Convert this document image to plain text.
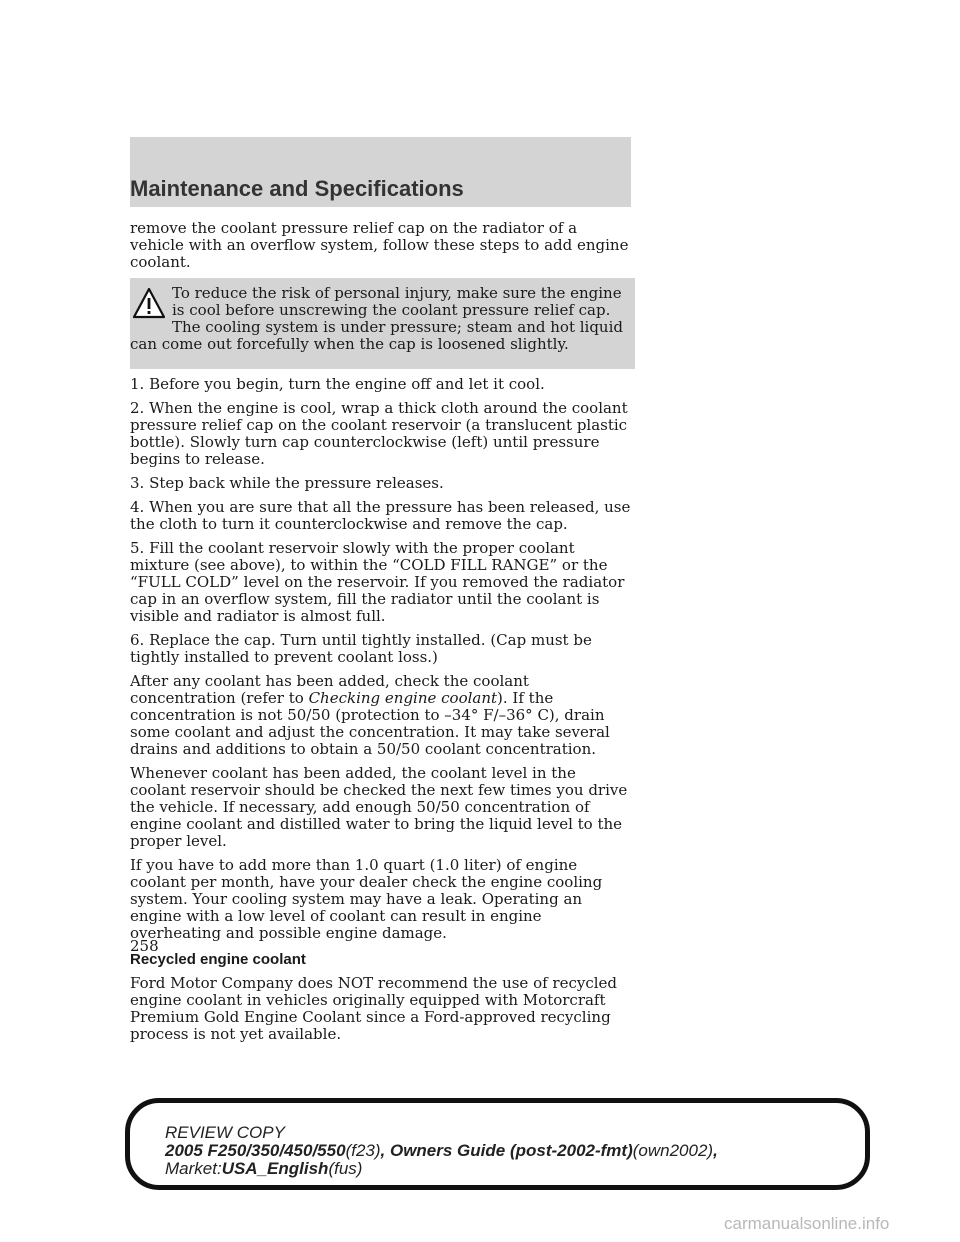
Maintenance and Specifications

remove the coolant pressure relief cap on the radiator of a vehicle with an overflow system, follow these steps to add engine coolant.

To reduce the risk of personal injury, make sure the engine is cool before unscrewing the coolant pressure relief cap. The cooling system is under pressure; steam and hot liquid can come out forcefully when the cap is loosened slightly.

1. Before you begin, turn the engine off and let it cool.

2. When the engine is cool, wrap a thick cloth around the coolant pressure relief cap on the coolant reservoir (a translucent plastic bottle). Slowly turn cap counterclockwise (left) until pressure begins to release.

3. Step back while the pressure releases.

4. When you are sure that all the pressure has been released, use the cloth to turn it counterclockwise and remove the cap.

5. Fill the coolant reservoir slowly with the proper coolant mixture (see above), to within the “COLD FILL RANGE” or the “FULL COLD” level on the reservoir. If you removed the radiator cap in an overflow system, fill the radiator until the coolant is visible and radiator is almost full.

6. Replace the cap. Turn until tightly installed. (Cap must be tightly installed to prevent coolant loss.)

After any coolant has been added, check the coolant concentration (refer to Checking engine coolant). If the concentration is not 50/50 (protection to –34° F/–36° C), drain some coolant and adjust the concentration. It may take several drains and additions to obtain a 50/50 coolant concentration.

Whenever coolant has been added, the coolant level in the coolant reservoir should be checked the next few times you drive the vehicle. If necessary, add enough 50/50 concentration of engine coolant and distilled water to bring the liquid level to the proper level.

If you have to add more than 1.0 quart (1.0 liter) of engine coolant per month, have your dealer check the engine cooling system. Your cooling system may have a leak. Operating an engine with a low level of coolant can result in engine overheating and possible engine damage.

Recycled engine coolant

Ford Motor Company does NOT recommend the use of recycled engine coolant in vehicles originally equipped with Motorcraft Premium Gold Engine Coolant since a Ford-approved recycling process is not yet available.

258
REVIEW COPY
2005 F250/350/450/550(f23), Owners Guide (post-2002-fmt)(own2002),
Market:USA_English(fus)
carmanualsonline.info
